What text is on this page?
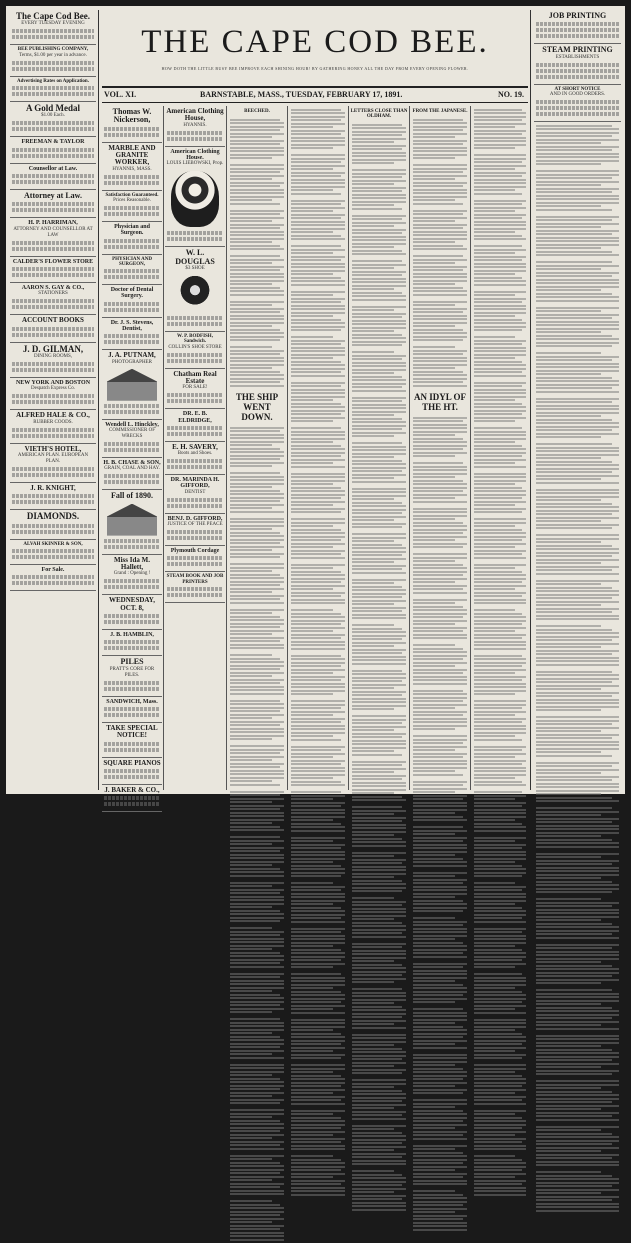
The Cape Cod Bee.
EVERY TUESDAY EVENING
BEE PUBLISHING COMPANY,
Terms, $1.00 per year in advance.
Advertising Rates on Application.
A Gold Medal
$1.00 Each.
FREEMAN & TAYLOR
Counsellor at Law.
Attorney at Law.
H. P. HARRIMAN,
ATTORNEY AND COUNSELLOR AT LAW
CALDER'S FLOWER STORE
AARON S. GAY & CO.,
STATIONERS
ACCOUNT BOOKS
J. D. GILMAN,
DINING ROOMS,
NEW YORK AND BOSTON
Despatch Express Co.
ALFRED HALE & CO.,
RUBBER COODS.
VIETH'S HOTEL,
AMERICAN PLAN. EUROPEAN PLAN.
J. R. KNIGHT,
DIAMONDS.
ALVAH SKINNER & SON,
For Sale.
THE CAPE COD BEE.
HOW DOTH THE LITTLE BUSY BEE IMPROVE EACH SHINING HOUR! BY GATHERING HONEY ALL THE DAY FROM EVERY OPENING FLOWER.
VOL. XI.	BARNSTABLE, MASS., TUESDAY, FEBRUARY 17, 1891.	NO. 19.
Thomas W. Nickerson,
MARBLE AND GRANITE WORKER,
HYANNIS, MASS.
Satisfaction Guaranteed.
Prices Reasonable.
Physician and Surgeon.
PHYSICIAN AND SURGEON,
Doctor of Dental Surgery.
Dr. J. S. Stevens, Dentist,
J. A. PUTNAM,
PHOTOGRAPHER
Wendell L. Hinckley,
COMMISSIONER OF WRECKS
H. B. CHASE & SON,
GRAIN, COAL AND HAY.
Fall of 1890.
Miss Ida M. Hallett,
Grand : Opening !
WEDNESDAY, OCT. 8,
J. B. HAMBLIN,
PILES
PRATT'S CORE FOR PILES.
SANDWICH, Mass.
TAKE SPECIAL NOTICE!
SQUARE PIANOS
J. BAKER & CO.,
American Clothing House,
HYANNIS.
American Clothing House.
LOUIS LIEBOWSKI, Prop.
W. L. DOUGLAS
$3 SHOE
W. P. BODFISH, Sandwich.
COLLIN'S SHOE STORE
Chatham Real Estate
FOR SALE!
DR. E. B. ELDRIDGE,
E. H. SAVERY,
Boots and Shoes.
DR. MARINDA H. GIFFORD,
DENTIST
BENJ. D. GIFFORD,
JUSTICE OF THE PEACE
Plymouth Cordage
STEAM BOOK AND JOB PRINTERS
BEECHED.
THE SHIP WENT DOWN.
LETTERS CLOSE THAN OLDHAM.
FROM THE JAPANESE.
AN IDYL OF THE HT.
JOB PRINTING
STEAM PRINTING
ESTABLISHMENTS
AT SHORT NOTICE
AND IN GOOD ORDERS.
